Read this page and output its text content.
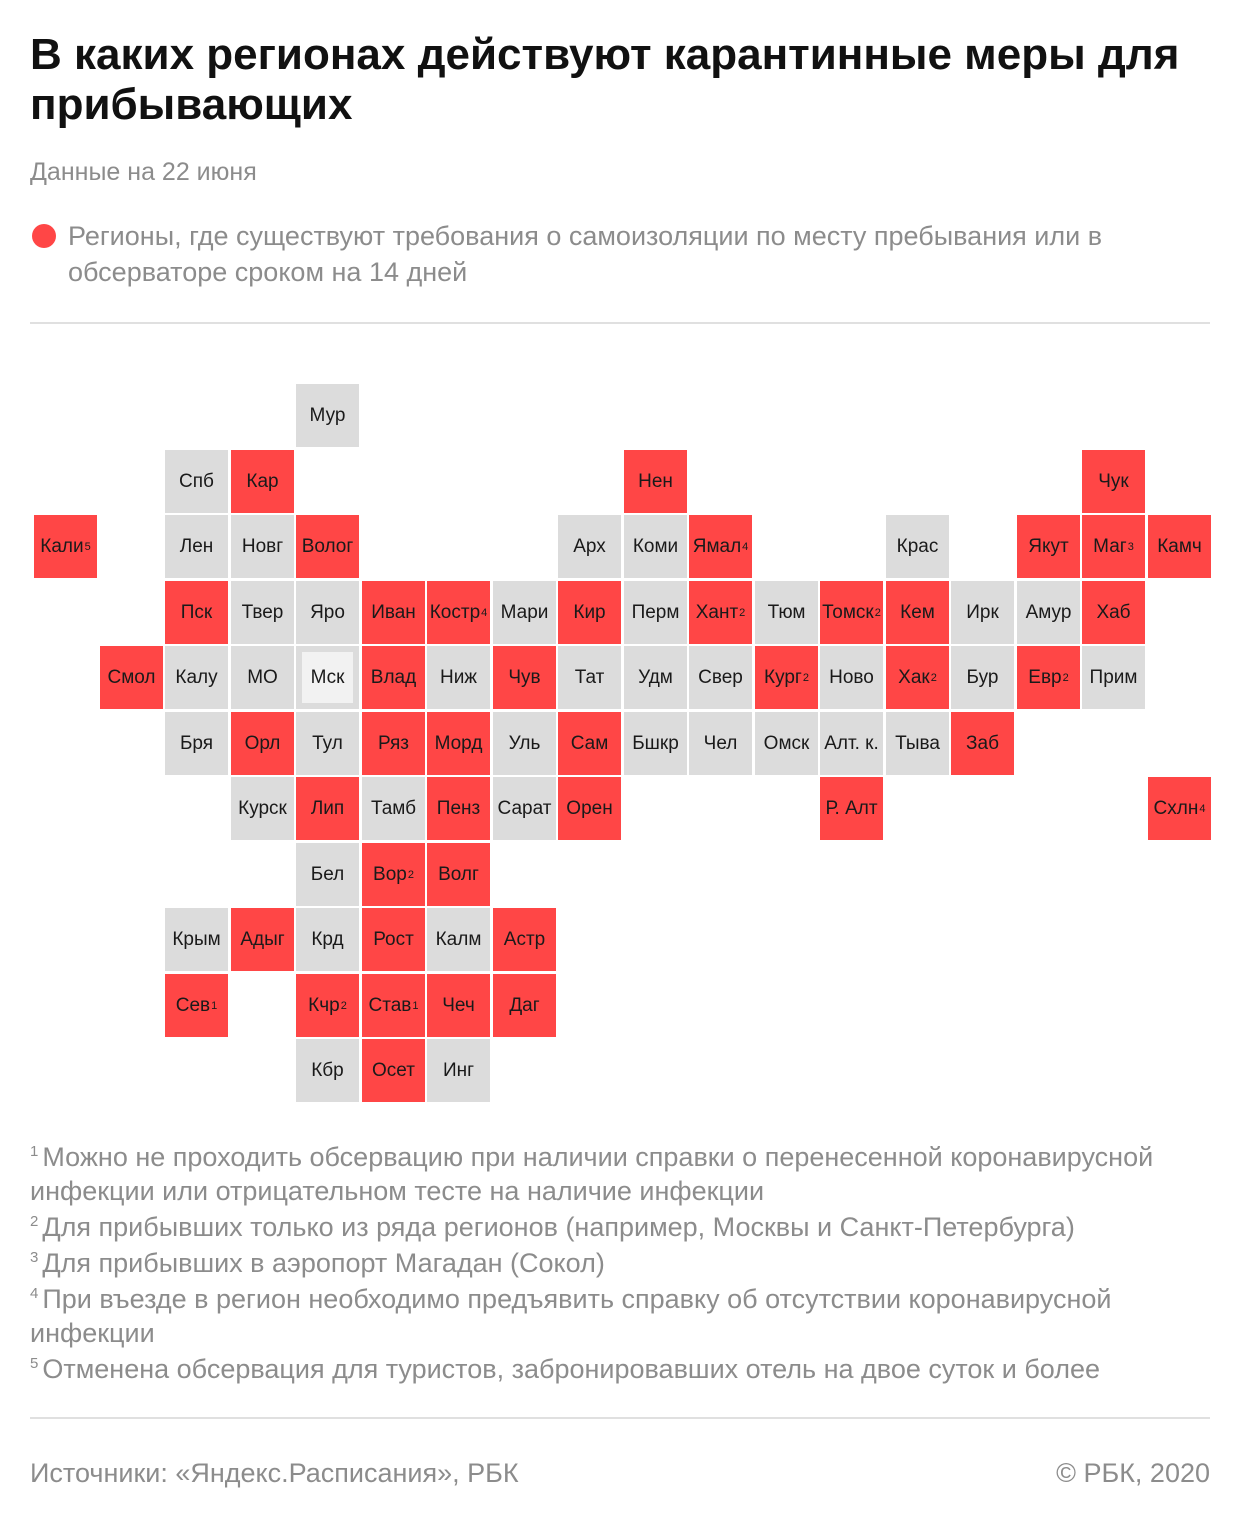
В каких регионах действуют карантинные меры для прибывающих
Данные на 22 июня
Регионы, где существуют требования о самоизоляции по месту пребывания или в обсерваторе сроком на 14 дней
Мур
Спб Кар	Нен	Чук
Кали 5	Лен Новг Волог	Арх Коми Ямал 4	Крас	Якут Маг 3 Камч
Пск Твер Яро Иван Костр 4 Мари Кир Перм Хант 2 Тюм Томск 2 Кем Ирк Амур Хаб
Смол Калу МО Мск Влад Ниж Чув Тат Удм Свер Кург 2 Ново Хак 2 Бур Евр 2 Прим
Бря Орл Тул Ряз Морд Уль Сам Бшкр Чел Омск Алт. к. Тыва Заб
Курск Лип Тамб Пенз Сарат Орен	Р. Алт	Схлн 4
Бел Вор 2 Волг
Крым Адыг Крд Рост Калм Астр
Сев 1	Кчр 2 Став 1 Чеч Даг
Кбр Осет Инг
$^1$ Можно не проходить обсервацию при наличии справки о перенесенной коронавирусной инфекции или отрицательном тесте на наличие инфекции
$^2$ Для прибывших только из ряда регионов (например, Москвы и Санкт-Петербурга)
$^3$ Для прибывших в аэропорт Магадан (Сокол)
$^4$ При въезде в регион необходимо предъявить справку об отсутствии коронавирусной инфекции
$^5$ Отменена обсервация для туристов, забронировавших отель на двое суток и более
Источники: «Яндекс.Расписания», РБК	© РБК, 2020
